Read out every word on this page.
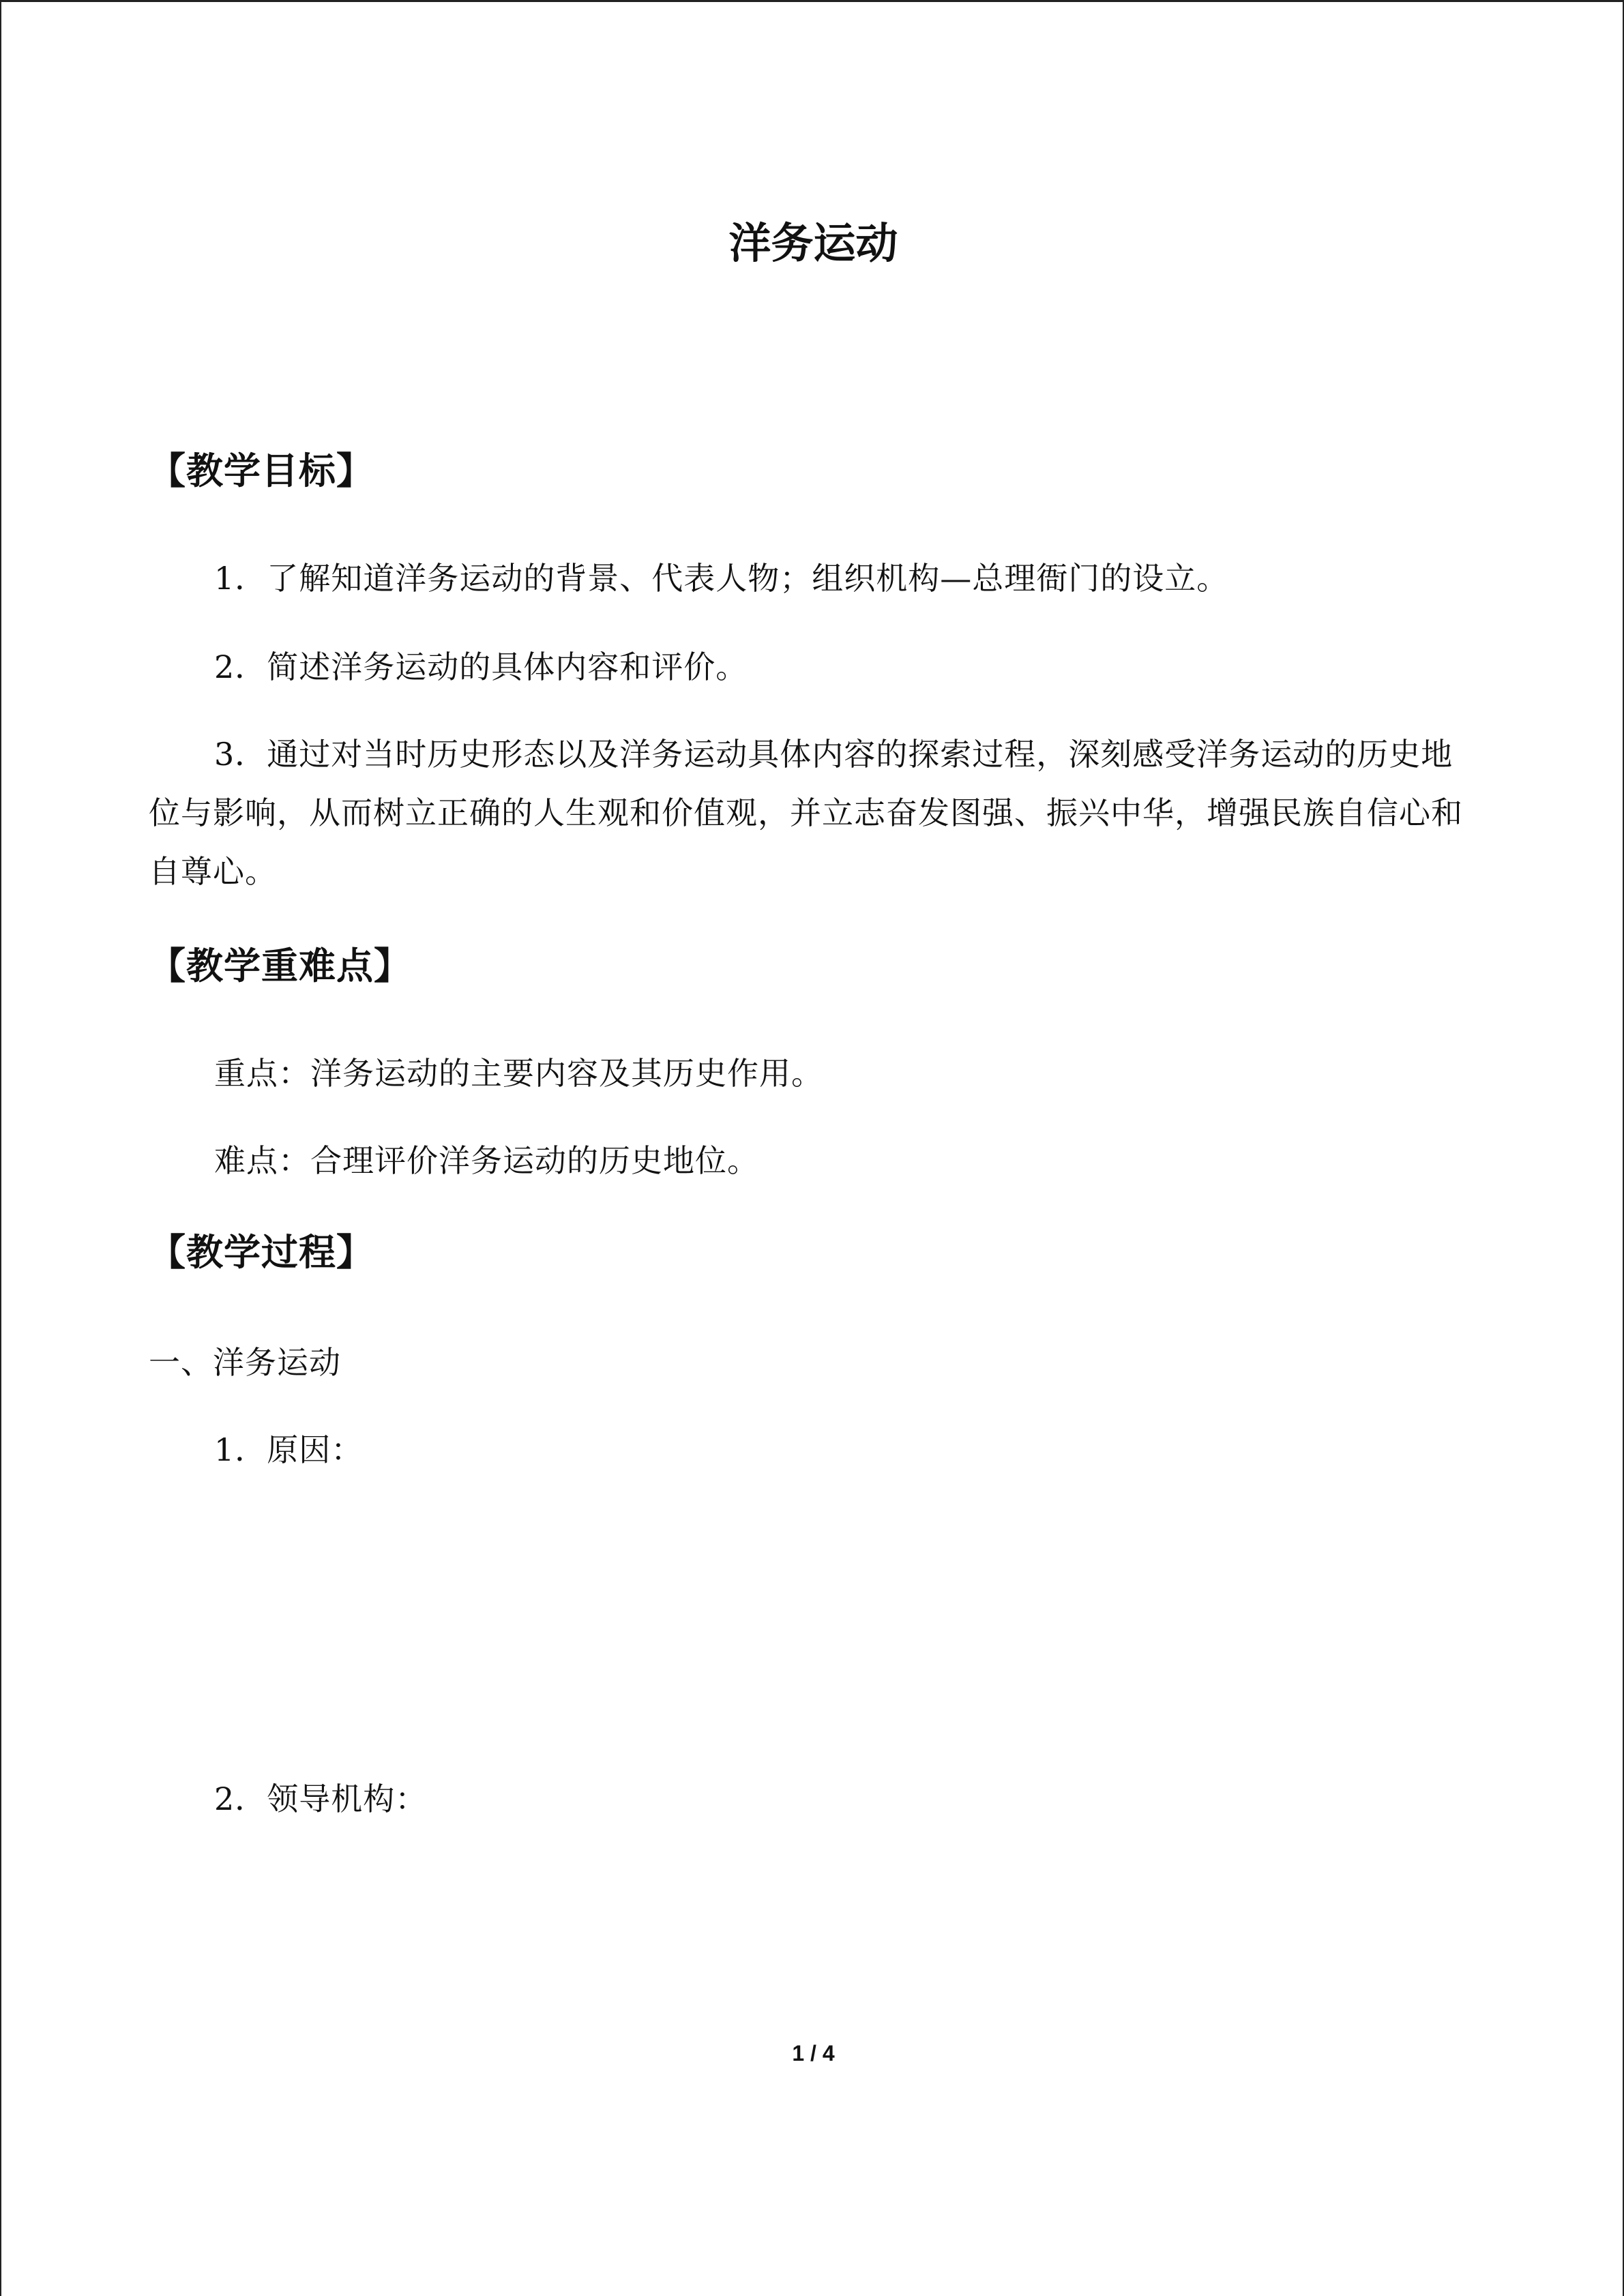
洋务运动
【教学目标】

1．了解知道洋务运动的背景、代表人物；组织机构—总理衙门的设立。

2．简述洋务运动的具体内容和评价。

3．通过对当时历史形态以及洋务运动具体内容的探索过程，深刻感受洋务运动的历史地位与影响，从而树立正确的人生观和价值观，并立志奋发图强、振兴中华，增强民族自信心和自尊心。

【教学重难点】

重点：洋务运动的主要内容及其历史作用。

难点：合理评价洋务运动的历史地位。

【教学过程】

一、洋务运动

1．原因：

2．领导机构：

1 / 4
